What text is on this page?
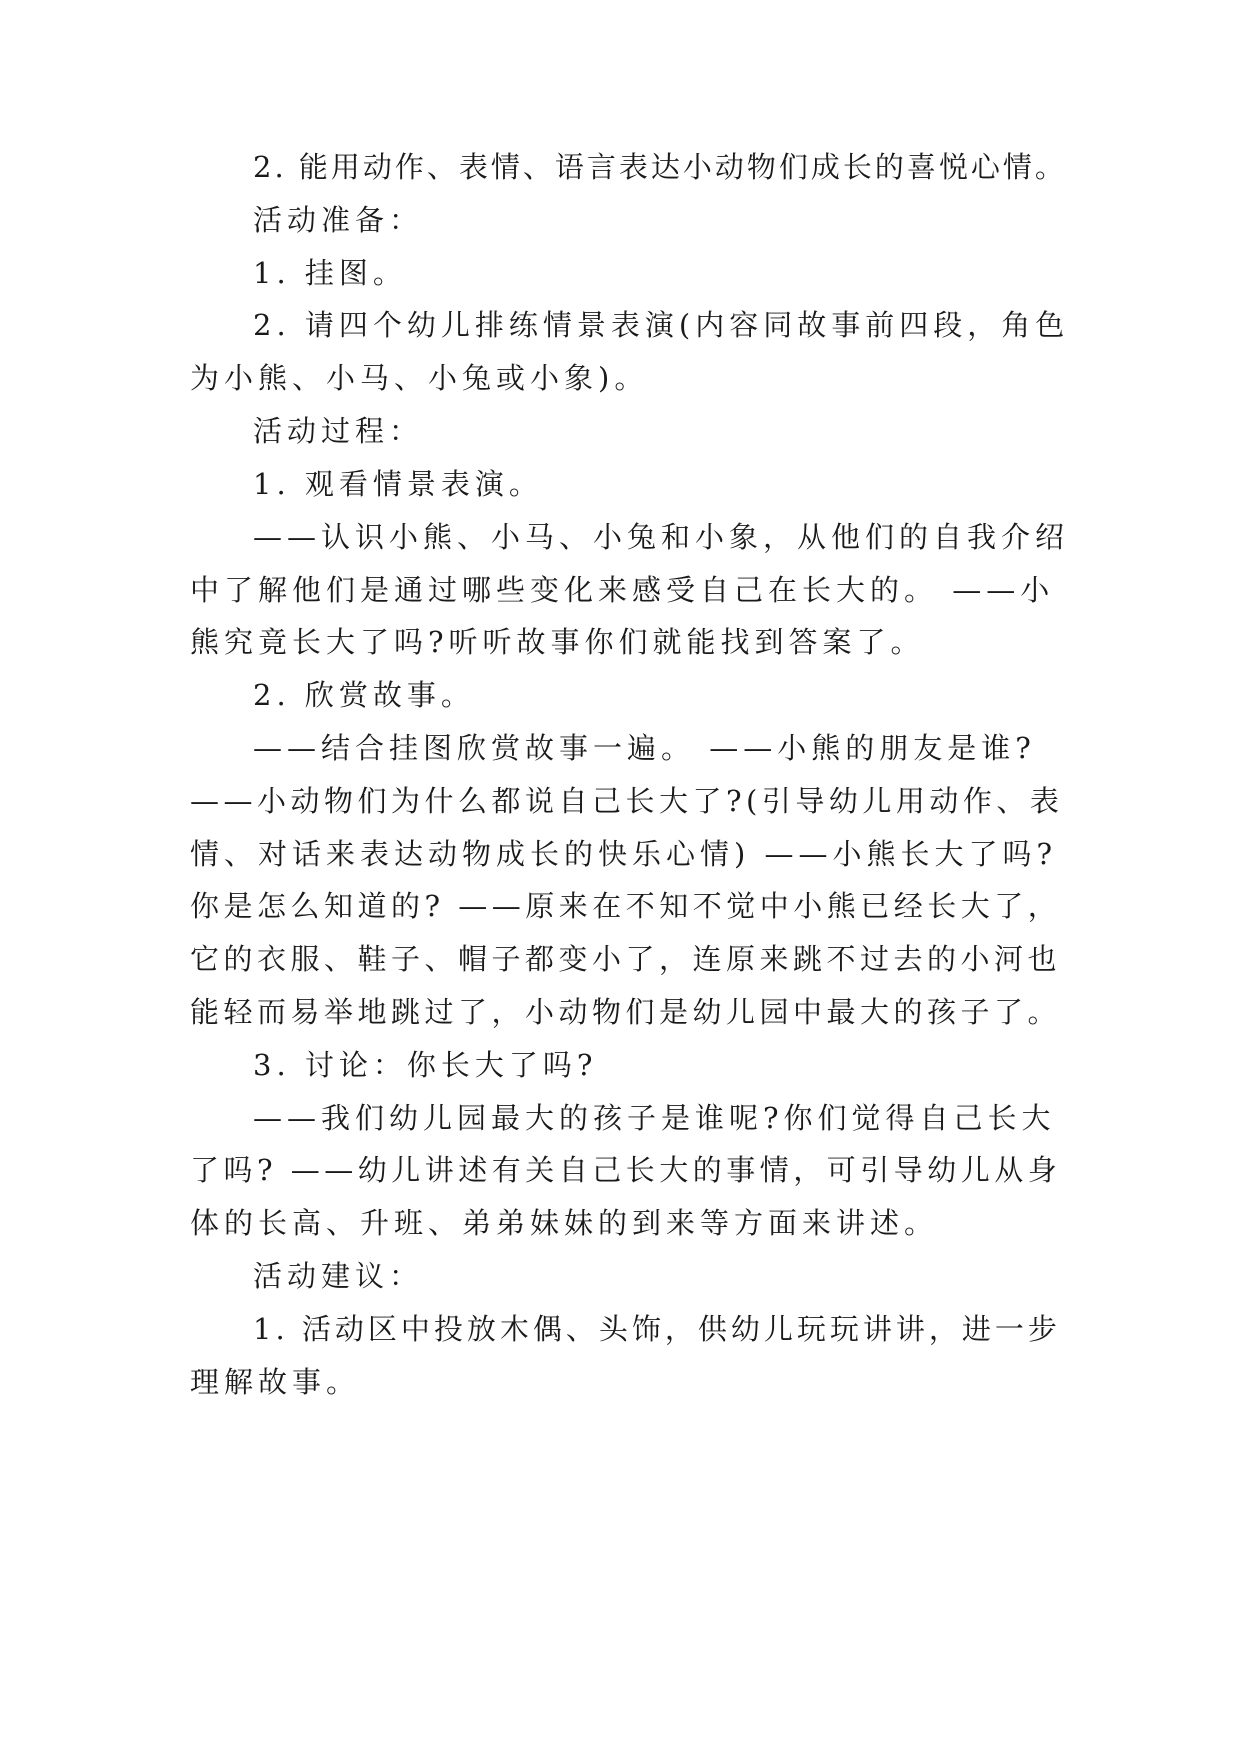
2. 能用动作、表情、语言表达小动物们成长的喜悦心情。
活动准备：
1. 挂图。
2. 请四个幼儿排练情景表演(内容同故事前四段，角色
为小熊、小马、小兔或小象)。
活动过程：
1. 观看情景表演。
——认识小熊、小马、小兔和小象，从他们的自我介绍
中了解他们是通过哪些变化来感受自己在长大的。 ——小
熊究竟长大了吗?听听故事你们就能找到答案了。
2. 欣赏故事。
——结合挂图欣赏故事一遍。 ——小熊的朋友是谁?
——小动物们为什么都说自己长大了?(引导幼儿用动作、表
情、对话来表达动物成长的快乐心情) ——小熊长大了吗?
你是怎么知道的? ——原来在不知不觉中小熊已经长大了，
它的衣服、鞋子、帽子都变小了，连原来跳不过去的小河也
能轻而易举地跳过了，小动物们是幼儿园中最大的孩子了。
3. 讨论：你长大了吗?
——我们幼儿园最大的孩子是谁呢?你们觉得自己长大
了吗? ——幼儿讲述有关自己长大的事情，可引导幼儿从身
体的长高、升班、弟弟妹妹的到来等方面来讲述。
活动建议：
1. 活动区中投放木偶、头饰，供幼儿玩玩讲讲，进一步
理解故事。
